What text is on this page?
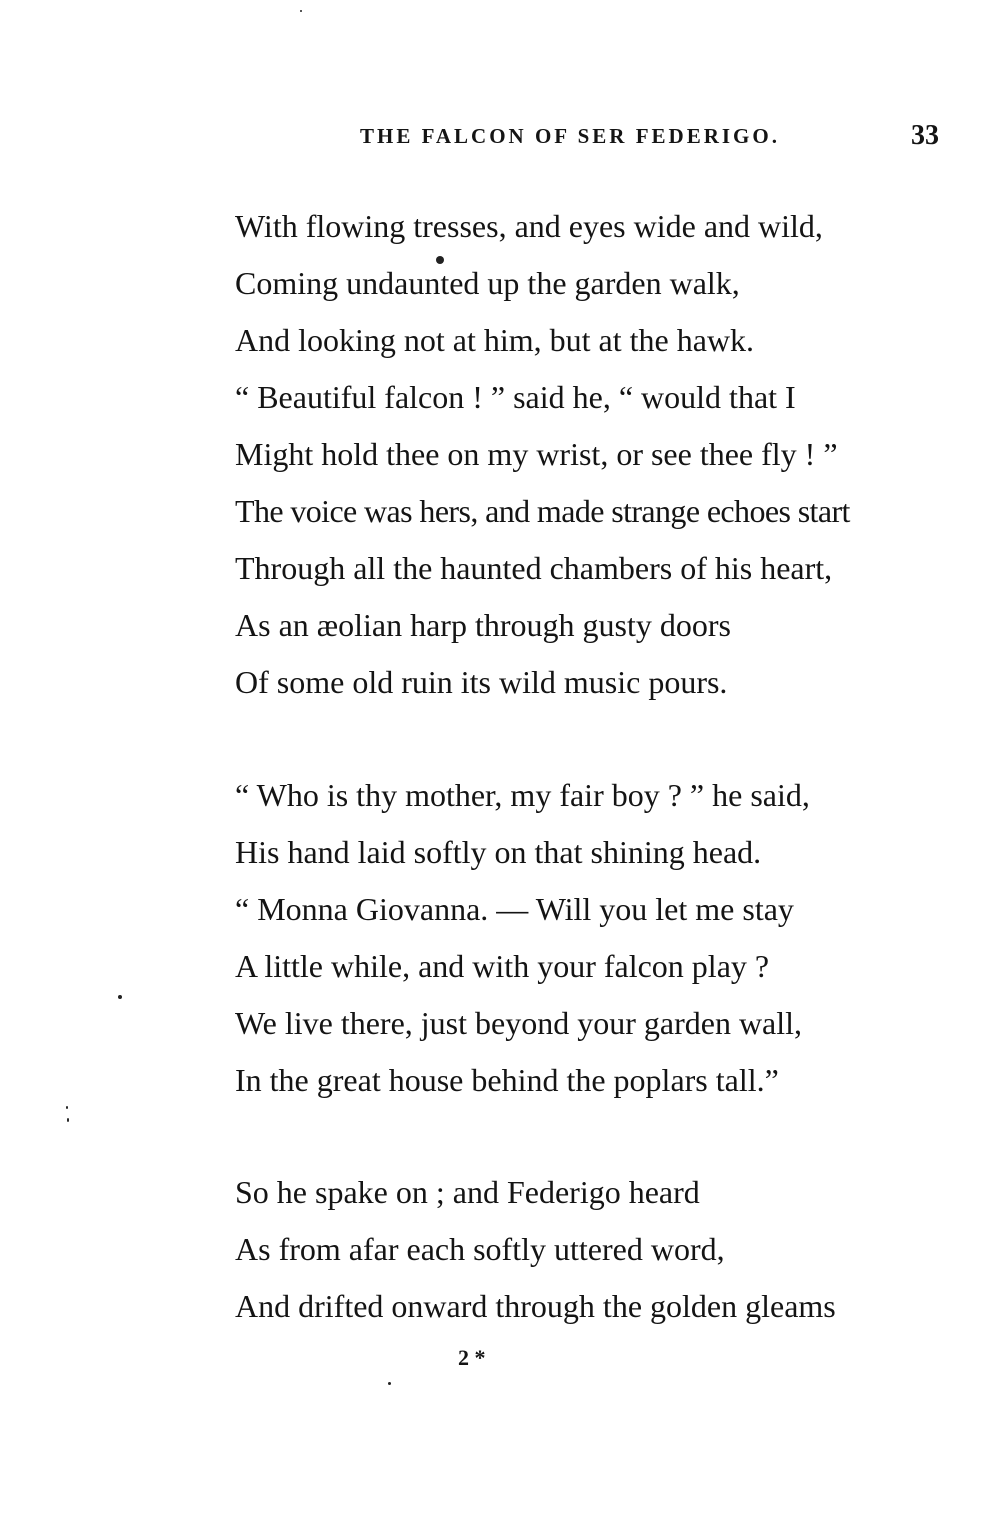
THE FALCON OF SER FEDERIGO.	33
With flowing tresses, and eyes wide and wild,
Coming undaunted up the garden walk,
And looking not at him, but at the hawk.
“ Beautiful falcon ! ” said he, “ would that I
Might hold thee on my wrist, or see thee fly ! ”
The voice was hers, and made strange echoes start
Through all the haunted chambers of his heart,
As an æolian harp through gusty doors
Of some old ruin its wild music pours.
“ Who is thy mother, my fair boy ? ” he said,
His hand laid softly on that shining head.
“ Monna Giovanna. — Will you let me stay
A little while, and with your falcon play ?
We live there, just beyond your garden wall,
In the great house behind the poplars tall.”
So he spake on ; and Federigo heard
As from afar each softly uttered word,
And drifted onward through the golden gleams
2 *
